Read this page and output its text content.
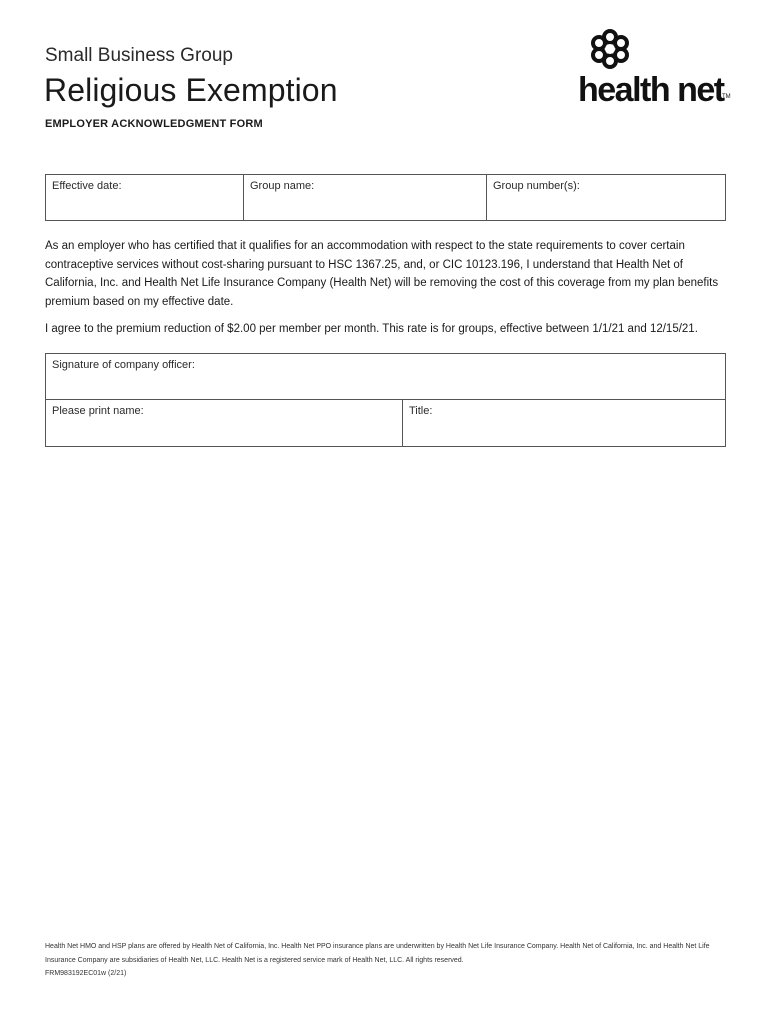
Small Business Group
Religious Exemption
EMPLOYER ACKNOWLEDGMENT FORM
health net
TM
Effective date:	Group name:	Group number(s):
As an employer who has certified that it qualifies for an accommodation with respect to the state requirements to cover certain contraceptive services without cost-sharing pursuant to HSC 1367.25, and, or CIC 10123.196, I understand that Health Net of California, Inc. and Health Net Life Insurance Company (Health Net) will be removing the cost of this coverage from my plan benefits premium based on my effective date.
I agree to the premium reduction of $2.00 per member per month. This rate is for groups, effective between 1/1/21 and 12/15/21.
Signature of company officer:
Please print name:	Title:
Health Net HMO and HSP plans are offered by Health Net of California, Inc. Health Net PPO insurance plans are underwritten by Health Net Life Insurance Company. Health Net of California, Inc. and Health Net Life Insurance Company are subsidiaries of Health Net, LLC. Health Net is a registered service mark of Health Net, LLC. All rights reserved.
FRM983192EC01w (2/21)
